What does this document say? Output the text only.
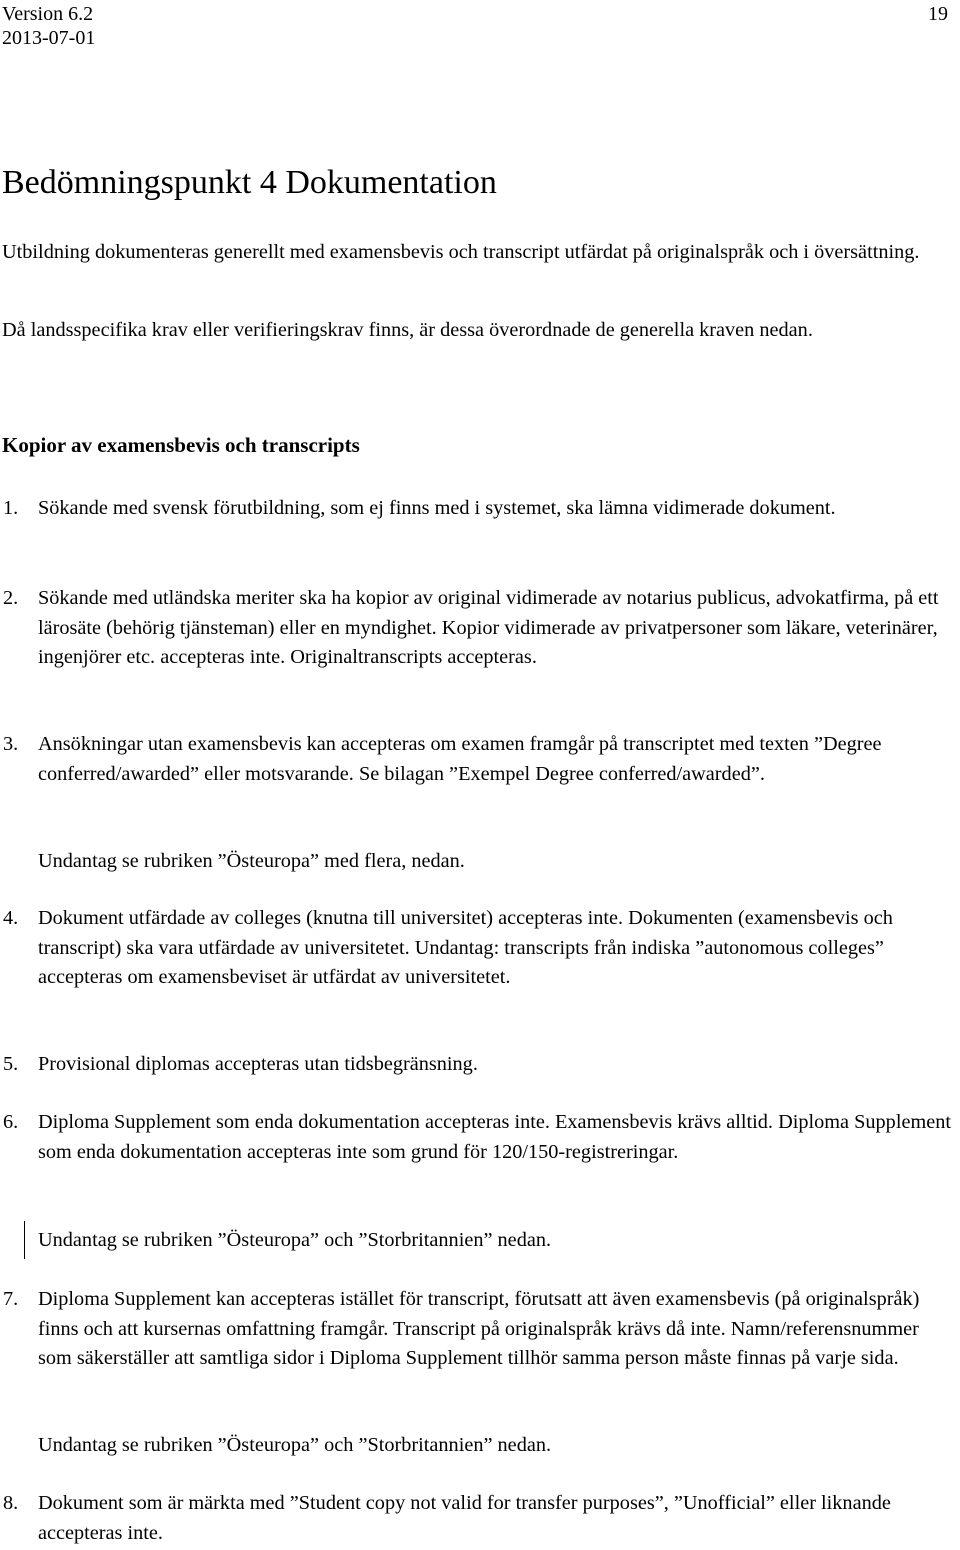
Version 6.2
2013-07-01
19
Bedömningspunkt 4 Dokumentation

Utbildning dokumenteras generellt med examensbevis och transcript utfärdat på originalspråk och i översättning.

Då landsspecifika krav eller verifieringskrav finns, är dessa överordnade de generella kraven nedan.

Kopior av examensbevis och transcripts
1. Sökande med svensk förutbildning, som ej finns med i systemet, ska lämna vidimerade dokument.

2. Sökande med utländska meriter ska ha kopior av original vidimerade av notarius publicus, advokatfirma, på ett lärosäte (behörig tjänsteman) eller en myndighet. Kopior vidimerade av privatpersoner som läkare, veterinärer, ingenjörer etc. accepteras inte. Originaltranscripts accepteras.

3. Ansökningar utan examensbevis kan accepteras om examen framgår på transcriptet med texten ”Degree conferred/awarded” eller motsvarande. Se bilagan ”Exempel Degree conferred/awarded”.

Undantag se rubriken ”Östeuropa” med flera, nedan.

4. Dokument utfärdade av colleges (knutna till universitet) accepteras inte. Dokumenten (examensbevis och transcript) ska vara utfärdade av universitetet. Undantag: transcripts från indiska ”autonomous colleges” accepteras om examensbeviset är utfärdat av universitetet.

5. Provisional diplomas accepteras utan tidsbegränsning.

6. Diploma Supplement som enda dokumentation accepteras inte. Examensbevis krävs alltid. Diploma Supplement som enda dokumentation accepteras inte som grund för 120/150-registreringar.

Undantag se rubriken ”Östeuropa” och ”Storbritannien” nedan.

7. Diploma Supplement kan accepteras istället för transcript, förutsatt att även examensbevis (på originalspråk) finns och att kursernas omfattning framgår. Transcript på originalspråk krävs då inte. Namn/referensnummer som säkerställer att samtliga sidor i Diploma Supplement tillhör samma person måste finnas på varje sida.

Undantag se rubriken ”Östeuropa” och ”Storbritannien” nedan.

8. Dokument som är märkta med ”Student copy not valid for transfer purposes”, ”Unofficial” eller liknande accepteras inte.
